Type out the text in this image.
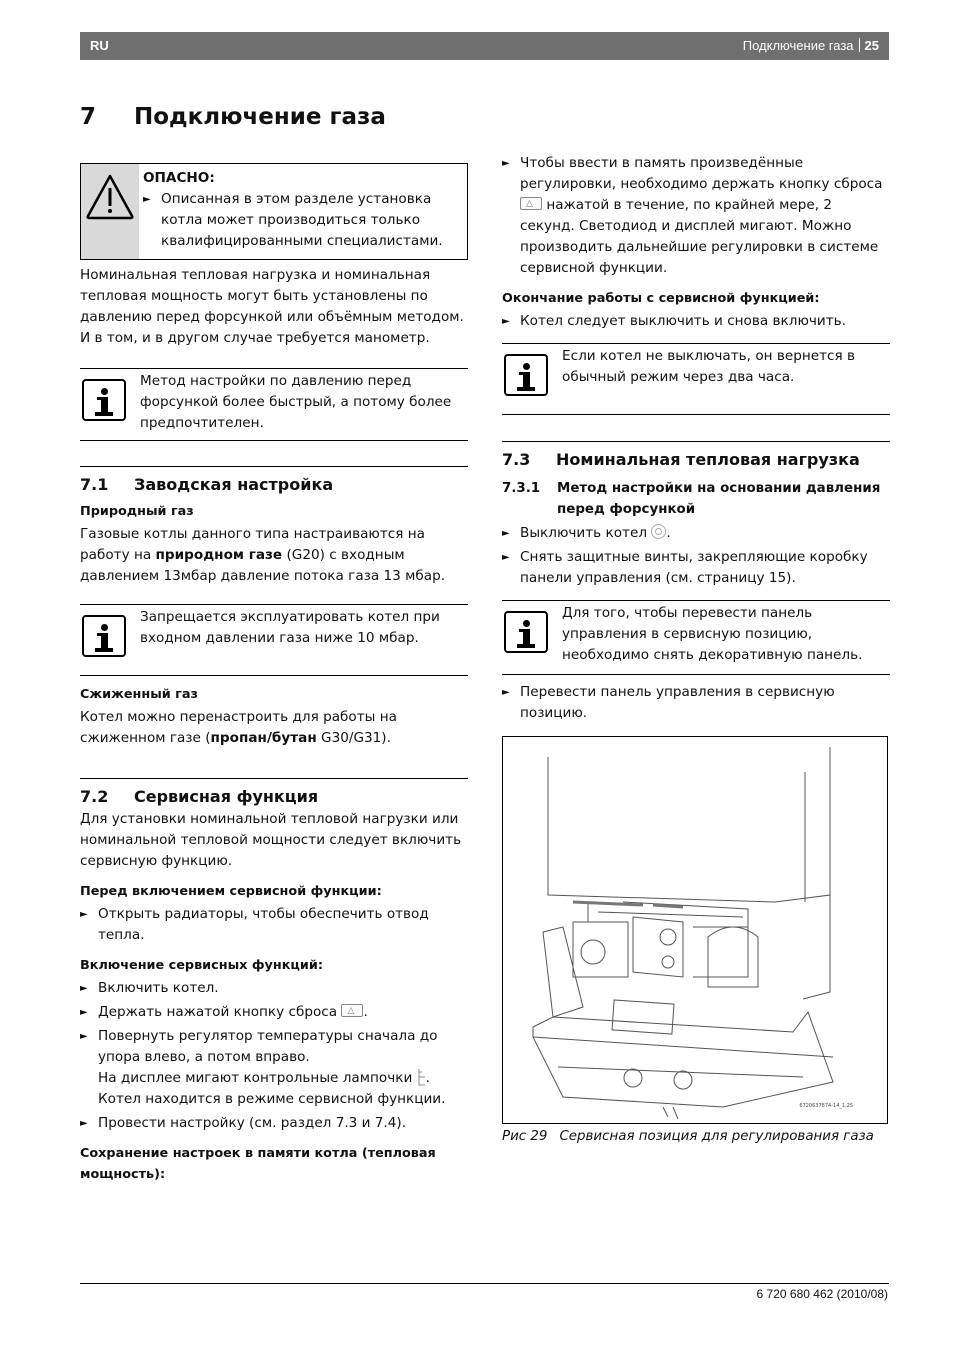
RU	Подключение газа 25
7 Подключение газа

ОПАСНО:

► Описанная в этом разделе установка котла может производиться только квалифицированными специалистами.

Номинальная тепловая нагрузка и номинальная тепловая мощность могут быть установлены по давлению перед форсункой или объёмным методом. И в том, и в другом случае требуется манометр.

Метод настройки по давлению перед форсункой более быстрый, а потому более предпочтителен.

7.1 Заводская настройка

Природный газ

Газовые котлы данного типа настраиваются на работу на природном газе (G20) с входным давлением 13мбар давление потока газа 13 мбар.

Запрещается эксплуатировать котел при входном давлении газа ниже 10 мбар.

Сжиженный газ

Котел можно перенастроить для работы на сжиженном газе (пропан/бутан G30/G31).

7.2 Сервисная функция

Для установки номинальной тепловой нагрузки или номинальной тепловой мощности следует включить сервисную функцию.

Перед включением сервисной функции:

► Открыть радиаторы, чтобы обеспечить отвод тепла.

Включение сервисных функций:

► Включить котел.

► Держать нажатой кнопку сброса △ .

► Повернуть регулятор температуры сначала до упора влево, а потом вправо.
На дисплее мигают контрольные лампочки . Котел находится в режиме сервисной функции.

► Провести настройку (см. раздел 7.3 и 7.4).

Сохранение настроек в памяти котла (тепловая мощность):

► Чтобы ввести в память произведённые регулировки, необходимо держать кнопку сброса
△ нажатой в течение, по крайней мере, 2 секунд. Светодиод и дисплей мигают. Можно производить дальнейшие регулировки в системе сервисной функции.

Окончание работы с сервисной функцией:

► Котел следует выключить и снова включить.

Если котел не выключать, он вернется в обычный режим через два часа.

7.3 Номинальная тепловая нагрузка
7.3.1	Метод настройки на основании давления перед форсункой

► Выключить котел .

► Снять защитные винты, закрепляющие коробку панели управления (см. страницу 15).

Для того, чтобы перевести панель управления в сервисную позицию, необходимо снять декоративную панель.

► Перевести панель управления в сервисную позицию.

6720637874-14_1.2S

Рис 29 Сервисная позиция для регулирования газа

6 720 680 462 (2010/08)
